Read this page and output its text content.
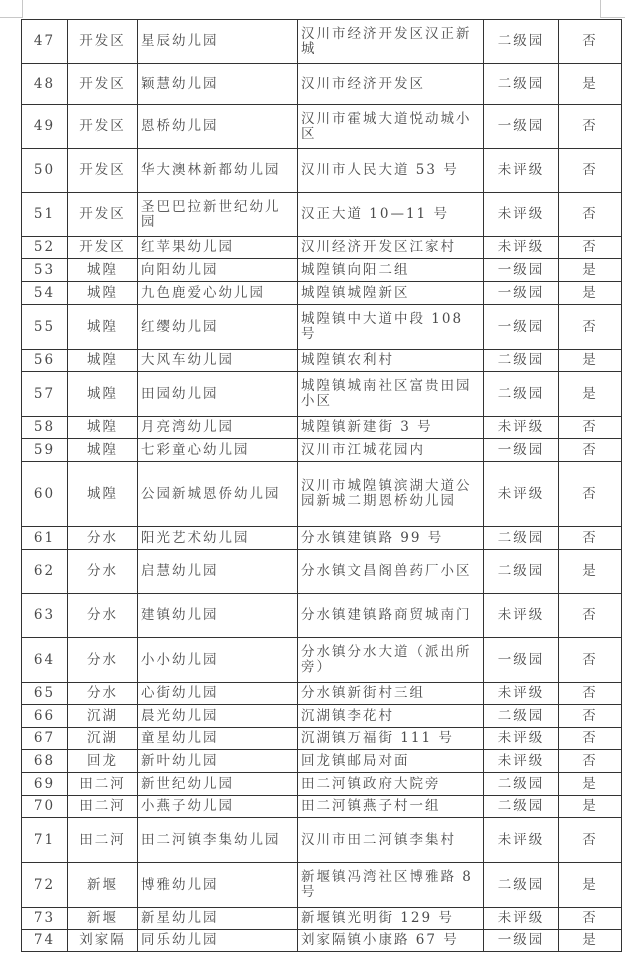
47	开发区	星辰幼儿园	汉川市经济开发区汉正新城	二级园	否
48	开发区	颖慧幼儿园	汉川市经济开发区	二级园	是
49	开发区	恩桥幼儿园	汉川市霍城大道悦动城小区	一级园	否
50	开发区	华大澳林新都幼儿园	汉川市人民大道 53 号	未评级	否
51	开发区	圣巴巴拉新世纪幼儿园	汉正大道 10—11 号	未评级	否
52	开发区	红苹果幼儿园	汉川经济开发区江家村	未评级	否
53	城隍	向阳幼儿园	城隍镇向阳二组	一级园	是
54	城隍	九色鹿爱心幼儿园	城隍镇城隍新区	一级园	是
55	城隍	红缨幼儿园	城隍镇中大道中段 108 号	一级园	否
56	城隍	大风车幼儿园	城隍镇农利村	二级园	是
57	城隍	田园幼儿园	城隍镇城南社区富贵田园小区	二级园	是
58	城隍	月亮湾幼儿园	城隍镇新建街 3 号	未评级	否
59	城隍	七彩童心幼儿园	汉川市江城花园内	一级园	否
60	城隍	公园新城恩侨幼儿园	汉川市城隍镇滨湖大道公园新城二期恩桥幼儿园	未评级	否
61	分水	阳光艺术幼儿园	分水镇建镇路 99 号	二级园	否
62	分水	启慧幼儿园	分水镇文昌阁兽药厂小区	二级园	是
63	分水	建镇幼儿园	分水镇建镇路商贸城南门	未评级	否
64	分水	小小幼儿园	分水镇分水大道（派出所旁）	一级园	否
65	分水	心街幼儿园	分水镇新街村三组	未评级	否
66	沉湖	晨光幼儿园	沉湖镇李花村	二级园	否
67	沉湖	童星幼儿园	沉湖镇万福街 111 号	未评级	否
68	回龙	新叶幼儿园	回龙镇邮局对面	未评级	否
69	田二河	新世纪幼儿园	田二河镇政府大院旁	二级园	是
70	田二河	小燕子幼儿园	田二河镇燕子村一组	二级园	是
71	田二河	田二河镇李集幼儿园	汉川市田二河镇李集村	未评级	否
72	新堰	博雅幼儿园	新堰镇冯湾社区博雅路 8 号	二级园	是
73	新堰	新星幼儿园	新堰镇光明街 129 号	未评级	否
74	刘家隔	同乐幼儿园	刘家隔镇小康路 67 号	一级园	是
